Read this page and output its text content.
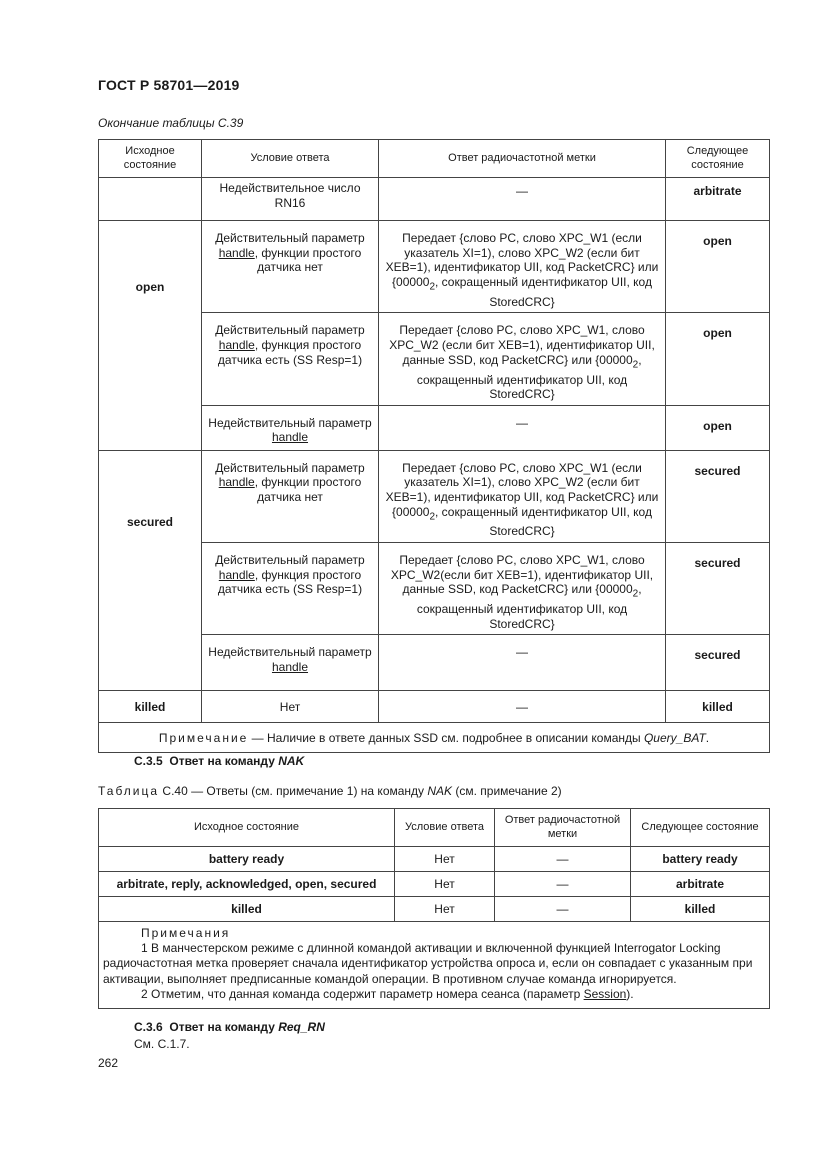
ГОСТ Р 58701—2019
Окончание таблицы С.39
Исходное состояние	Условие ответа	Ответ радиочастотной метки	Следующее состояние
	Недействительное число RN16	—	arbitrate
open	Действительный параметр handle, функции простого датчика нет	Передает {слово PC, слово XPC_W1 (если указатель XI=1), слово XPC_W2 (если бит XEB=1), идентификатор UII, код PacketCRC} или {$00000_2$, сокращенный идентификатор UII, код StoredCRC}	open
	Действительный параметр handle, функция простого датчика есть (SS Resp=1)	Передает {слово PC, слово XPC_W1, слово XPC_W2 (если бит XEB=1), идентификатор UII, данные SSD, код PacketCRC} или {$00000_2$, сокращенный идентификатор UII, код StoredCRC}	open
	Недействительный параметр handle	—	open
secured	Действительный параметр handle, функции простого датчика нет	Передает {слово PC, слово XPC_W1 (если указатель XI=1), слово XPC_W2 (если бит XEB=1), идентификатор UII, код PacketCRC} или {$00000_2$, сокращенный идентификатор UII, код StoredCRC}	secured
	Действительный параметр handle, функция простого датчика есть (SS Resp=1)	Передает {слово PC, слово XPC_W1, слово XPC_W2(если бит XEB=1), идентификатор UII, данные SSD, код PacketCRC} или {$00000_2$, сокращенный идентификатор UII, код StoredCRC}	secured
	Недействительный параметр handle	—	secured
killed	Нет	—	killed
Примечание — Наличие в ответе данных SSD см. подробнее в описании команды Query_BAT.			
С.3.5 Ответ на команду NAK
Таблица С.40 — Ответы (см. примечание 1) на команду NAK (см. примечание 2)
Исходное состояние	Условие ответа	Ответ радиочастотной метки	Следующее состояние
battery ready	Нет	—	battery ready
arbitrate, reply, acknowledged, open, secured	Нет	—	arbitrate
killed	Нет	—	killed

Примечания
1 В манчестерском режиме с длинной командой активации и включенной функцией Interrogator Locking радиочастотная метка проверяет сначала идентификатор устройства опроса и, если он совпадает с указанным при активации, выполняет предписанные командой операции. В противном случае команда игнорируется.
2 Отметим, что данная команда содержит параметр номера сеанса (параметр Session).			
С.3.6 Ответ на команду Req_RN
См. С.1.7.
262
